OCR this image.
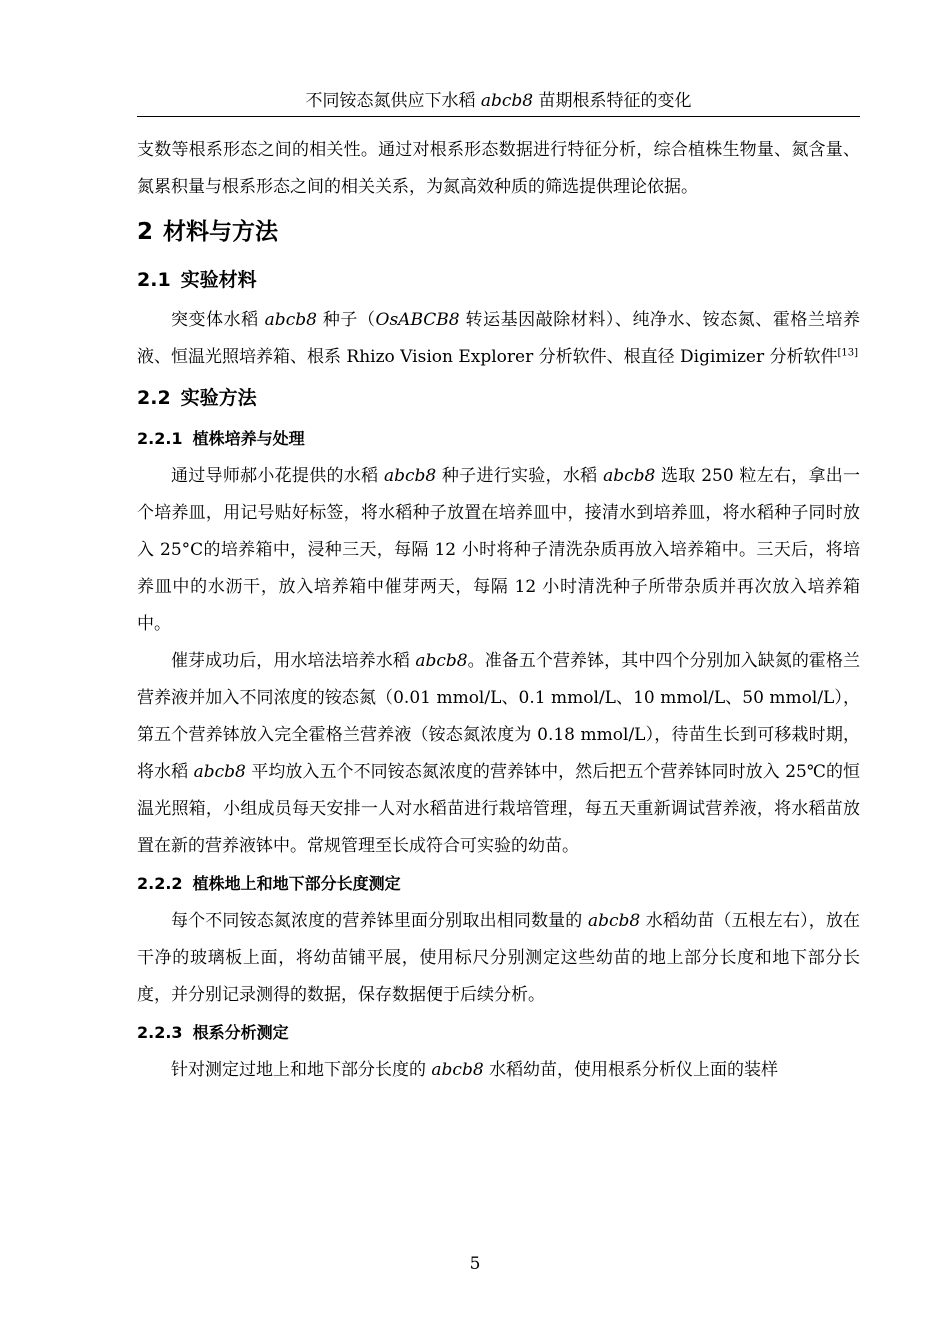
不同铵态氮供应下水稻 abcb8 苗期根系特征的变化

支数等根系形态之间的相关性。通过对根系形态数据进行特征分析，综合植株生物量、氮含量、氮累积量与根系形态之间的相关关系，为氮高效种质的筛选提供理论依据。

2 材料与方法
2.1 实验材料

突变体水稻 abcb8 种子（OsABCB8 转运基因敲除材料）、纯净水、铵态氮、霍格兰培养液、恒温光照培养箱、根系 Rhizo Vision Explorer 分析软件、根直径 Digimizer 分析软件[13]

2.2 实验方法
2.2.1 植株培养与处理

通过导师郝小花提供的水稻 abcb8 种子进行实验，水稻 abcb8 选取 250 粒左右，拿出一个培养皿，用记号贴好标签，将水稻种子放置在培养皿中，接清水到培养皿，将水稻种子同时放入 25°C的培养箱中，浸种三天，每隔 12 小时将种子清洗杂质再放入培养箱中。三天后，将培养皿中的水沥干，放入培养箱中催芽两天，每隔 12 小时清洗种子所带杂质并再次放入培养箱中。

催芽成功后，用水培法培养水稻 abcb8。准备五个营养钵，其中四个分别加入缺氮的霍格兰营养液并加入不同浓度的铵态氮（0.01 mmol/L、0.1 mmol/L、10 mmol/L、50 mmol/L），第五个营养钵放入完全霍格兰营养液（铵态氮浓度为 0.18 mmol/L），待苗生长到可移栽时期，将水稻 abcb8 平均放入五个不同铵态氮浓度的营养钵中，然后把五个营养钵同时放入 25℃的恒温光照箱，小组成员每天安排一人对水稻苗进行栽培管理，每五天重新调试营养液，将水稻苗放置在新的营养液钵中。常规管理至长成符合可实验的幼苗。

2.2.2 植株地上和地下部分长度测定

每个不同铵态氮浓度的营养钵里面分别取出相同数量的 abcb8 水稻幼苗（五根左右），放在干净的玻璃板上面，将幼苗铺平展，使用标尺分别测定这些幼苗的地上部分长度和地下部分长度，并分别记录测得的数据，保存数据便于后续分析。

2.2.3 根系分析测定

针对测定过地上和地下部分长度的 abcb8 水稻幼苗，使用根系分析仪上面的装样

5
